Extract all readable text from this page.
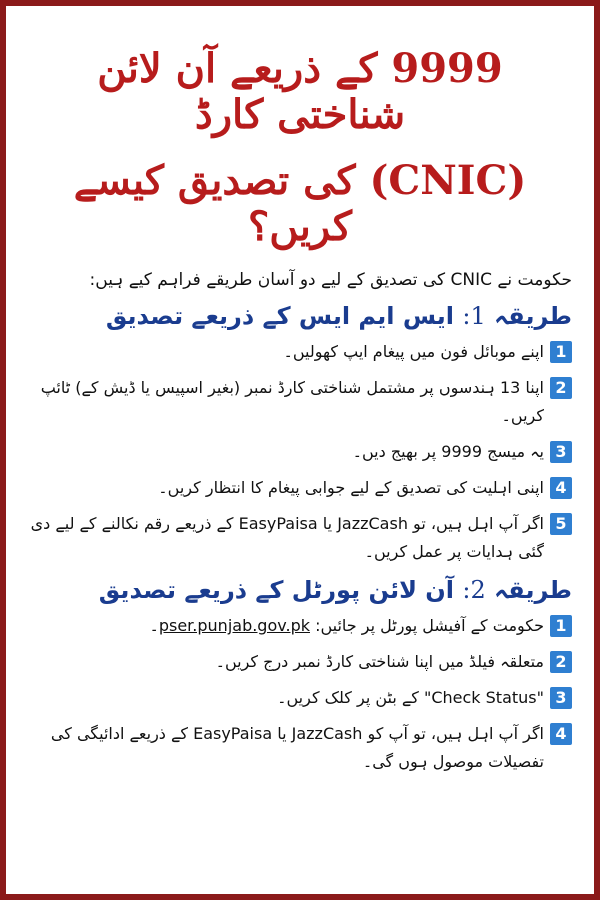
9999 کے ذریعے آن لائن شناختی کارڈ
(CNIC) کی تصدیق کیسے کریں؟

حکومت نے CNIC کی تصدیق کے لیے دو آسان طریقے فراہم کیے ہیں:

طریقہ 1: ایس ایم ایس کے ذریعے تصدیق
1
اپنے موبائل فون میں پیغام ایپ کھولیں۔
2
اپنا 13 ہندسوں پر مشتمل شناختی کارڈ نمبر (بغیر اسپیس یا ڈیش کے) ٹائپ کریں۔
3
یہ میسج 9999 پر بھیج دیں۔
4
اپنی اہلیت کی تصدیق کے لیے جوابی پیغام کا انتظار کریں۔
5
اگر آپ اہل ہیں، تو JazzCash یا EasyPaisa کے ذریعے رقم نکالنے کے لیے دی گئی ہدایات پر عمل کریں۔
طریقہ 2: آن لائن پورٹل کے ذریعے تصدیق
1
حکومت کے آفیشل پورٹل پر جائیں: pser.punjab.gov.pk۔
2
متعلقہ فیلڈ میں اپنا شناختی کارڈ نمبر درج کریں۔
3
"Check Status" کے بٹن پر کلک کریں۔
4
اگر آپ اہل ہیں، تو آپ کو JazzCash یا EasyPaisa کے ذریعے ادائیگی کی تفصیلات موصول ہوں گی۔
